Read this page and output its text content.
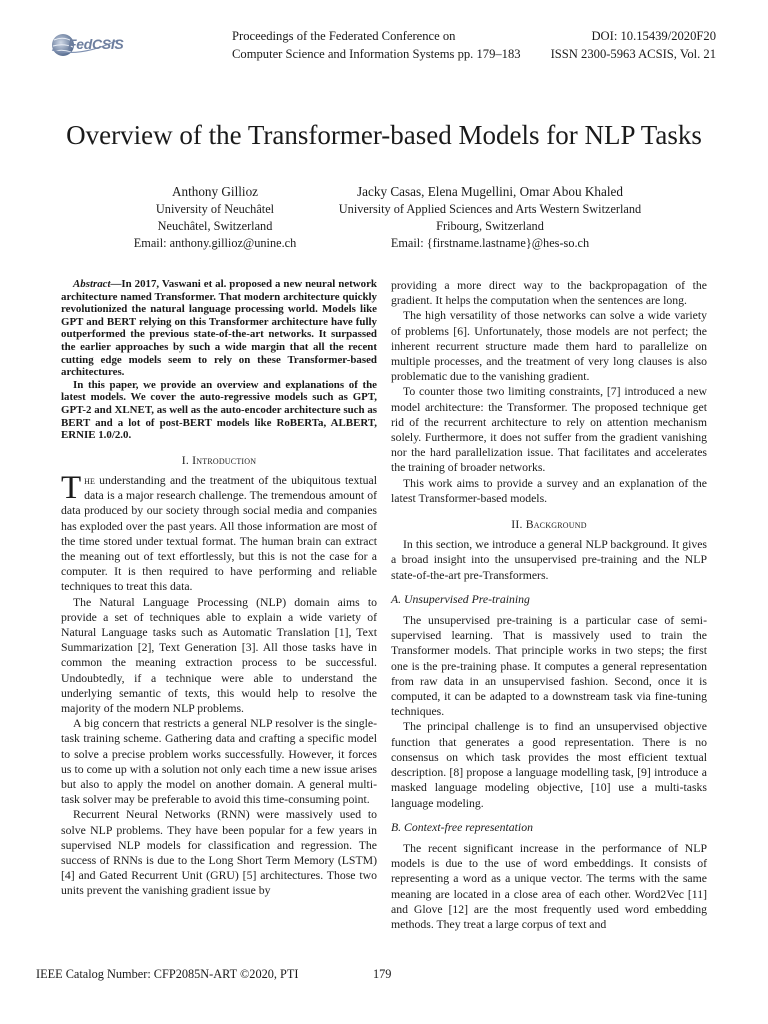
FedCSIS	Proceedings of the Federated Conference on
Computer Science and Information Systems pp. 179–183
DOI: 10.15439/2020F20
ISSN 2300-5963 ACSIS, Vol. 21
Overview of the Transformer-based Models for NLP Tasks
Anthony Gillioz
University of Neuchâtel
Neuchâtel, Switzerland
Email: anthony.gillioz@unine.ch
Jacky Casas, Elena Mugellini, Omar Abou Khaled
University of Applied Sciences and Arts Western Switzerland
Fribourg, Switzerland
Email: {firstname.lastname}@hes-so.ch

Abstract—In 2017, Vaswani et al. proposed a new neural network architecture named Transformer. That modern architecture quickly revolutionized the natural language processing world. Models like GPT and BERT relying on this Transformer architecture have fully outperformed the previous state-of-the-art networks. It surpassed the earlier approaches by such a wide margin that all the recent cutting edge models seem to rely on these Transformer-based architectures.

In this paper, we provide an overview and explanations of the latest models. We cover the auto-regressive models such as GPT, GPT-2 and XLNET, as well as the auto-encoder architecture such as BERT and a lot of post-BERT models like RoBERTa, ALBERT, ERNIE 1.0/2.0.

I. Introduction

The understanding and the treatment of the ubiquitous textual data is a major research challenge. The tremendous amount of data produced by our society through social media and companies has exploded over the past years. All those information are most of the time stored under textual format. The human brain can extract the meaning out of text effortlessly, but this is not the case for a computer. It is then required to have performing and reliable techniques to treat this data.

The Natural Language Processing (NLP) domain aims to provide a set of techniques able to explain a wide variety of Natural Language tasks such as Automatic Translation [1], Text Summarization [2], Text Generation [3]. All those tasks have in common the meaning extraction process to be successful. Undoubtedly, if a technique were able to understand the underlying semantic of texts, this would help to resolve the majority of the modern NLP problems.

A big concern that restricts a general NLP resolver is the single-task training scheme. Gathering data and crafting a specific model to solve a precise problem works successfully. However, it forces us to come up with a solution not only each time a new issue arises but also to apply the model on another domain. A general multi-task solver may be preferable to avoid this time-consuming point.

Recurrent Neural Networks (RNN) were massively used to solve NLP problems. They have been popular for a few years in supervised NLP models for classification and regression. The success of RNNs is due to the Long Short Term Memory (LSTM) [4] and Gated Recurrent Unit (GRU) [5] architectures. Those two units prevent the vanishing gradient issue by

providing a more direct way to the backpropagation of the gradient. It helps the computation when the sentences are long.

The high versatility of those networks can solve a wide variety of problems [6]. Unfortunately, those models are not perfect; the inherent recurrent structure made them hard to parallelize on multiple processes, and the treatment of very long clauses is also problematic due to the vanishing gradient.

To counter those two limiting constraints, [7] introduced a new model architecture: the Transformer. The proposed technique get rid of the recurrent architecture to rely on attention mechanism solely. Furthermore, it does not suffer from the gradient vanishing nor the hard parallelization issue. That facilitates and accelerates the training of broader networks.

This work aims to provide a survey and an explanation of the latest Transformer-based models.

II. Background

In this section, we introduce a general NLP background. It gives a broad insight into the unsupervised pre-training and the NLP state-of-the-art pre-Transformers.

A. Unsupervised Pre-training

The unsupervised pre-training is a particular case of semi-supervised learning. That is massively used to train the Transformer models. That principle works in two steps; the first one is the pre-training phase. It computes a general representation from raw data in an unsupervised fashion. Second, once it is computed, it can be adapted to a downstream task via fine-tuning techniques.

The principal challenge is to find an unsupervised objective function that generates a good representation. There is no consensus on which task provides the most efficient textual description. [8] propose a language modelling task, [9] introduce a masked language modeling objective, [10] use a multi-tasks language modeling.

B. Context-free representation

The recent significant increase in the performance of NLP models is due to the use of word embeddings. It consists of representing a word as a unique vector. The terms with the same meaning are located in a close area of each other. Word2Vec [11] and Glove [12] are the most frequently used word embedding methods. They treat a large corpus of text and

IEEE Catalog Number: CFP2085N-ART ©2020, PTI	179
